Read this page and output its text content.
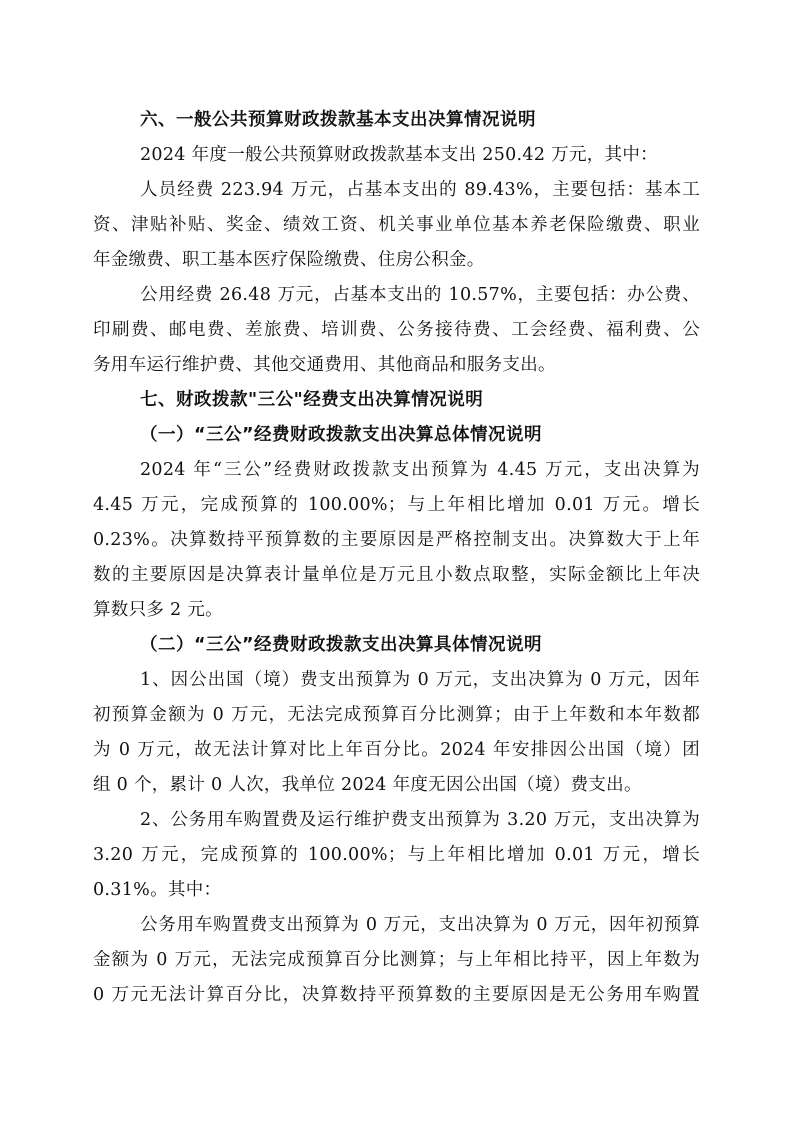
六、一般公共预算财政拨款基本支出决算情况说明
2024 年度一般公共预算财政拨款基本支出 250.42 万元，其中：
人员经费 223.94 万元，占基本支出的 89.43%，主要包括：基本工
资、津贴补贴、奖金、绩效工资、机关事业单位基本养老保险缴费、职业
年金缴费、职工基本医疗保险缴费、住房公积金。
公用经费 26.48 万元，占基本支出的 10.57%，主要包括：办公费、
印刷费、邮电费、差旅费、培训费、公务接待费、工会经费、福利费、公
务用车运行维护费、其他交通费用、其他商品和服务支出。
七、财政拨款"三公"经费支出决算情况说明
（一）“三公”经费财政拨款支出决算总体情况说明
2024 年“三公”经费财政拨款支出预算为 4.45 万元，支出决算为
4.45 万元，完成预算的 100.00%；与上年相比增加 0.01 万元。增长
0.23%。决算数持平预算数的主要原因是严格控制支出。决算数大于上年
数的主要原因是决算表计量单位是万元且小数点取整，实际金额比上年决
算数只多 2 元。
（二）“三公”经费财政拨款支出决算具体情况说明
1、因公出国（境）费支出预算为 0 万元，支出决算为 0 万元，因年
初预算金额为 0 万元，无法完成预算百分比测算；由于上年数和本年数都
为 0 万元，故无法计算对比上年百分比。2024 年安排因公出国（境）团
组 0 个，累计 0 人次，我单位 2024 年度无因公出国（境）费支出。
2、公务用车购置费及运行维护费支出预算为 3.20 万元，支出决算为
3.20 万元，完成预算的 100.00%；与上年相比增加 0.01 万元，增长
0.31%。其中：
公务用车购置费支出预算为 0 万元，支出决算为 0 万元，因年初预算
金额为 0 万元，无法完成预算百分比测算；与上年相比持平，因上年数为
0 万元无法计算百分比，决算数持平预算数的主要原因是无公务用车购置
